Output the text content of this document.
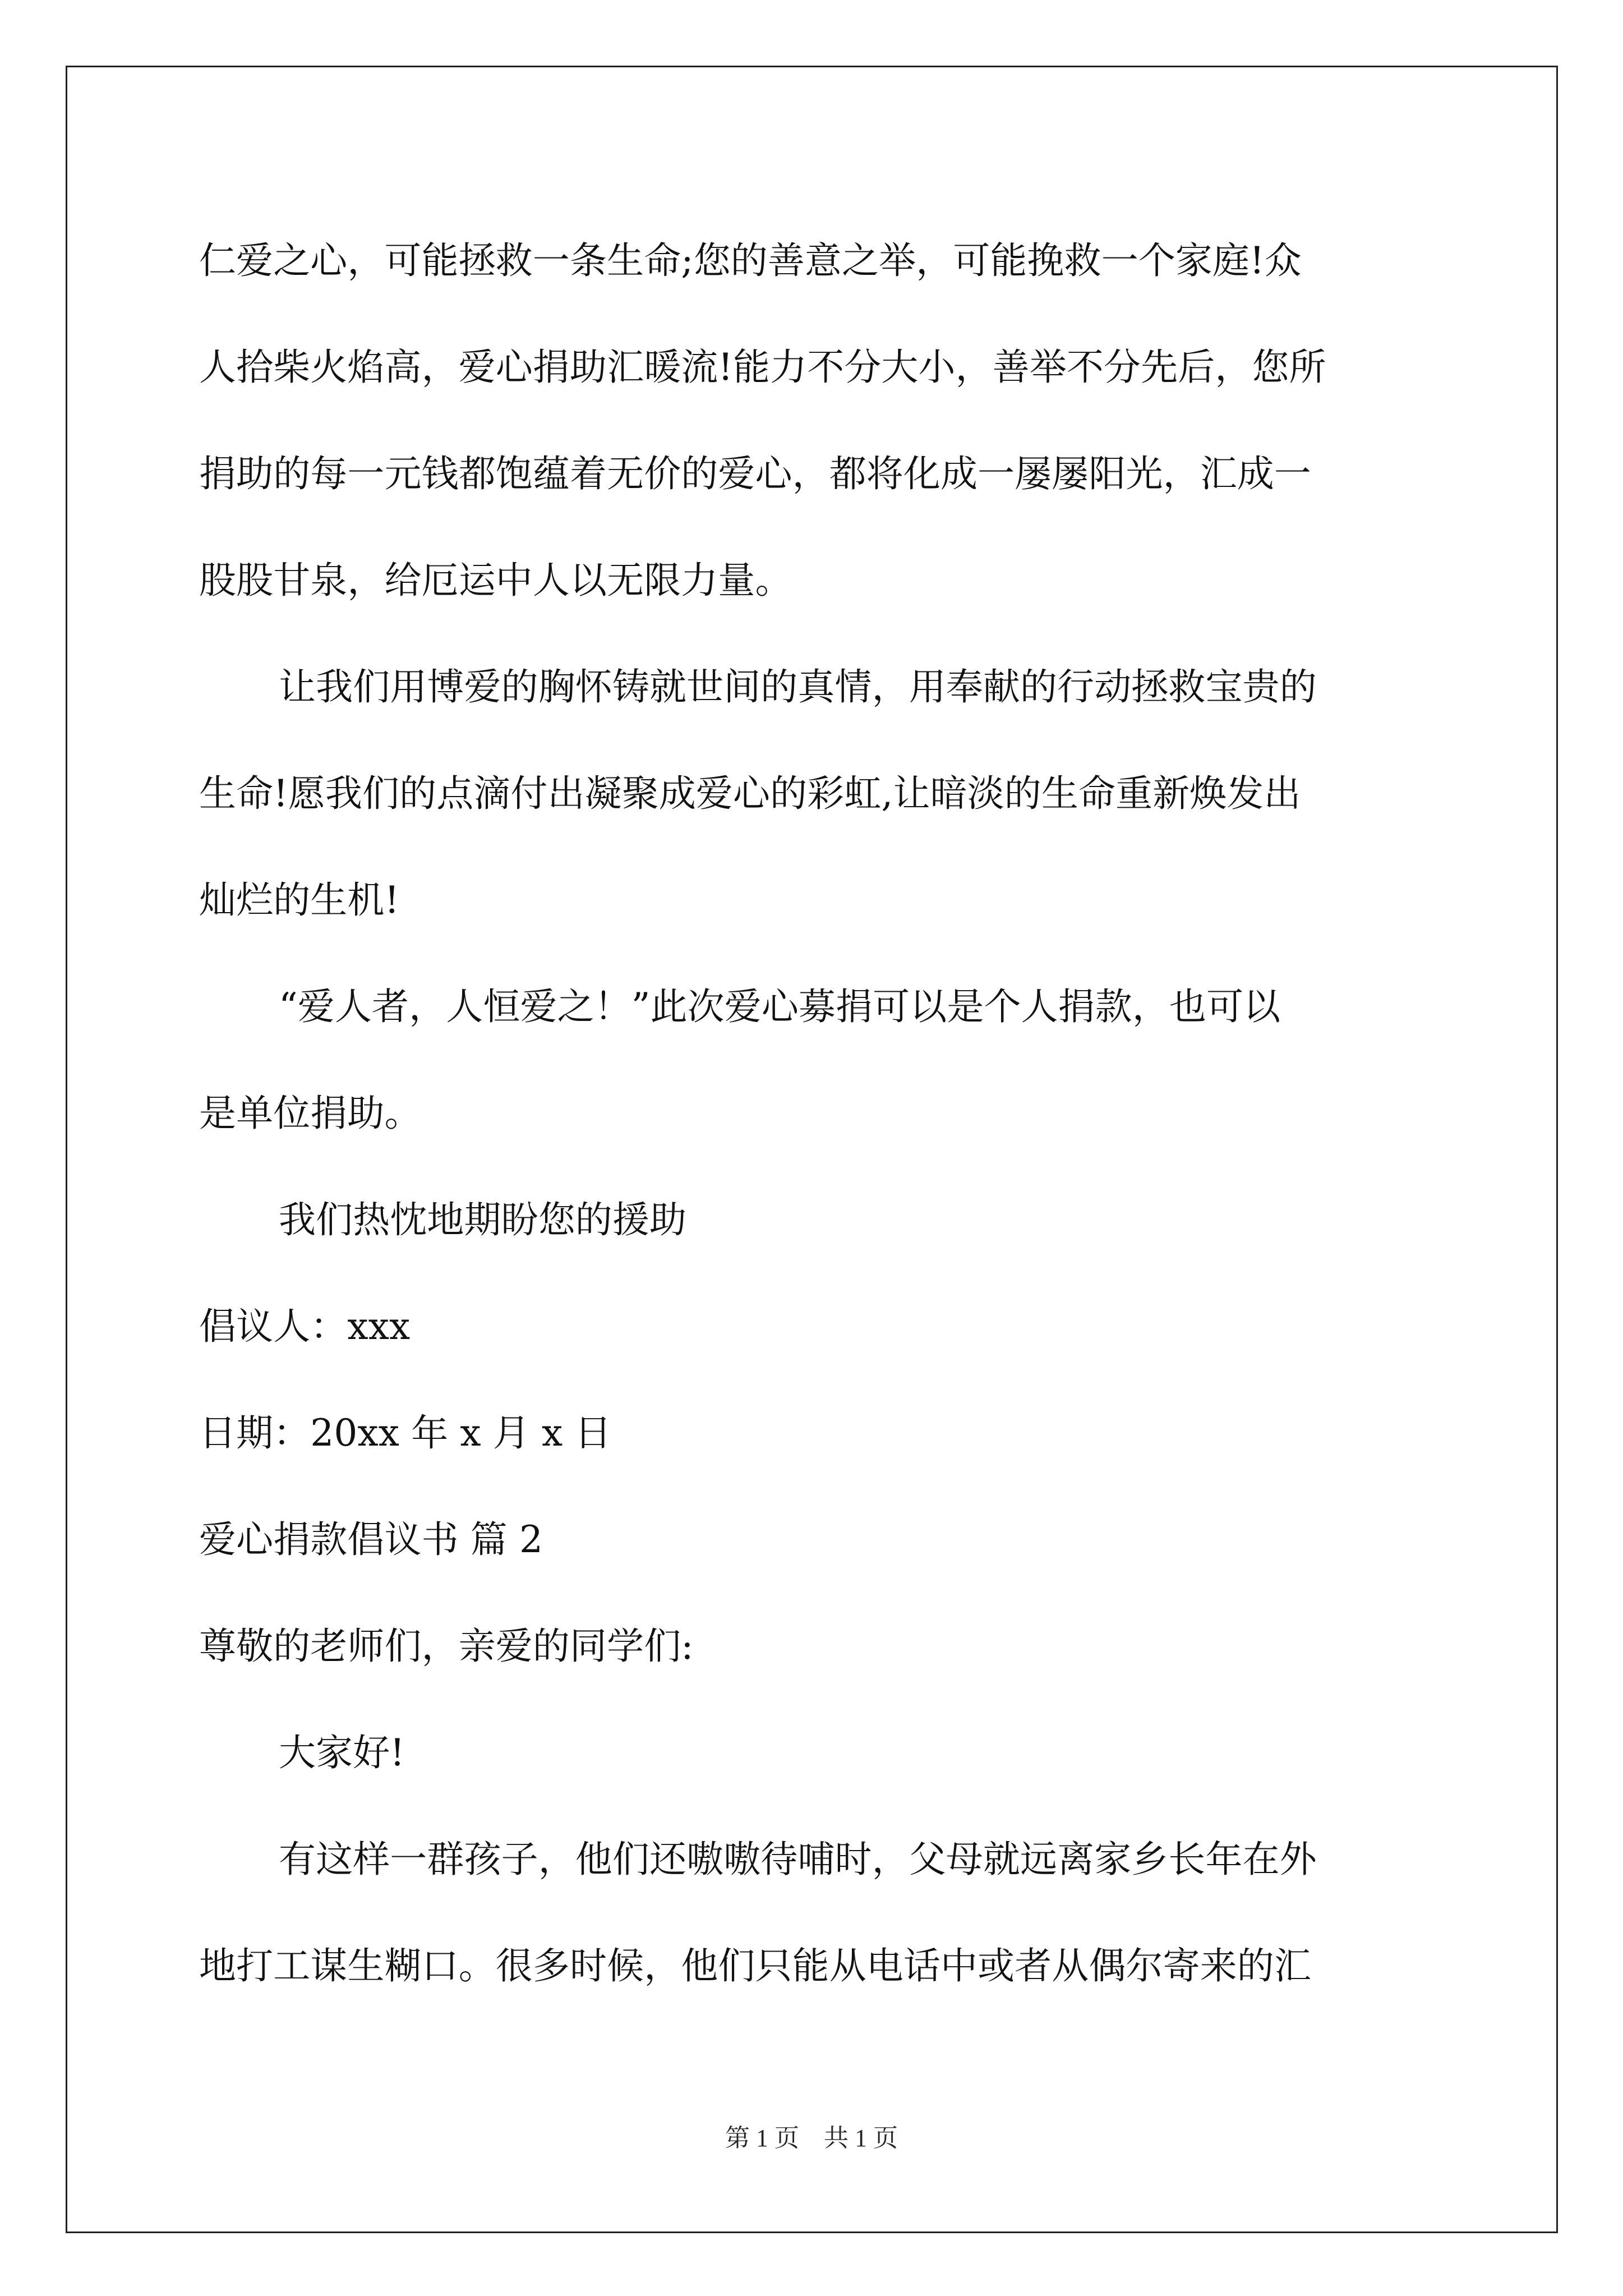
仁爱之心，可能拯救一条生命;您的善意之举，可能挽救一个家庭!众
人拾柴火焰高，爱心捐助汇暖流!能力不分大小，善举不分先后，您所
捐助的每一元钱都饱蕴着无价的爱心，都将化成一屡屡阳光，汇成一
股股甘泉，给厄运中人以无限力量。
让我们用博爱的胸怀铸就世间的真情，用奉献的行动拯救宝贵的
生命!愿我们的点滴付出凝聚成爱心的彩虹,让暗淡的生命重新焕发出
灿烂的生机!
“爱人者，人恒爱之！”此次爱心募捐可以是个人捐款，也可以
是单位捐助。
我们热忱地期盼您的援助
倡议人：xxx
日期：20xx 年 x 月 x 日
爱心捐款倡议书 篇 2
尊敬的老师们，亲爱的同学们:
大家好!
有这样一群孩子，他们还嗷嗷待哺时，父母就远离家乡长年在外
地打工谋生糊口。很多时候，他们只能从电话中或者从偶尔寄来的汇
第 1 页 共 1 页
